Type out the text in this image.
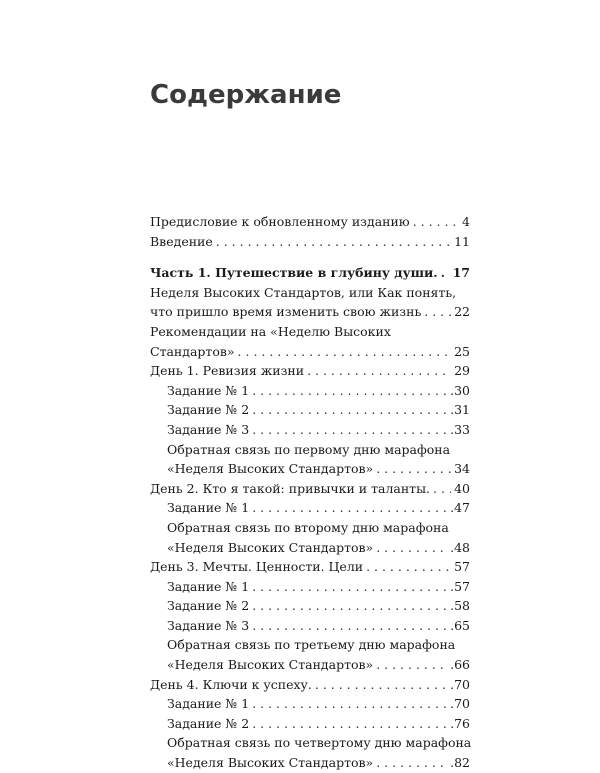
Содержание
Предисловие к обновленному изданию . . .	4
Введение . . .	11
Часть 1. Путешествие в глубину души. . . . 17
Неделя Высоких Стандартов, или Как понять,
что пришло время изменить свою жизнь . . .	22
Рекомендации на «Неделю Высоких
Стандартов» . . .	25
День 1. Ревизия жизни . . .	29
Задание № 1 . . .	.30
Задание № 2 . . .	.31
Задание № 3 . . .	.33
Обратная связь по первому дню марафона
«Неделя Высоких Стандартов» . . .	34
День 2. Кто я такой: привычки и таланты. . . . 40
Задание № 1 . . .	.47
Обратная связь по второму дню марафона
«Неделя Высоких Стандартов» . . .	.48
День 3. Мечты. Ценности. Цели . . .	57
Задание № 1 . . .	.57
Задание № 2 . . .	.58
Задание № 3 . . .	.65
Обратная связь по третьему дню марафона
«Неделя Высоких Стандартов» . . .	.66
День 4. Ключи к успеху. . . .	.70
Задание № 1 . . .	.70
Задание № 2 . . .	.76
Обратная связь по четвертому дню марафона
«Неделя Высоких Стандартов» . . .	.82
